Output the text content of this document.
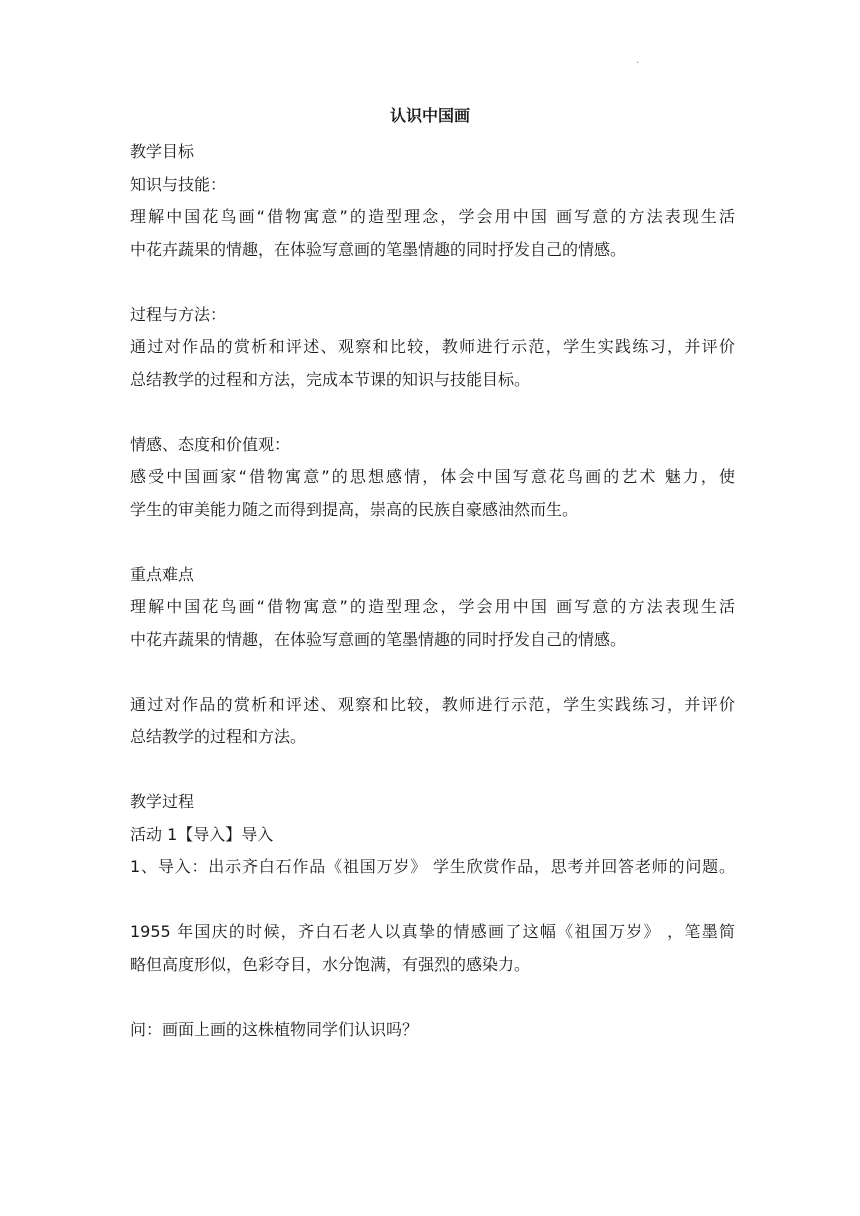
.
认识中国画
教学目标
知识与技能：
理解中国花鸟画“借物寓意”的造型理念，学会用中国 画写意的方法表现生活
中花卉蔬果的情趣，在体验写意画的笔墨情趣的同时抒发自己的情感。
过程与方法：
通过对作品的赏析和评述、观察和比较，教师进行示范，学生实践练习，并评价
总结教学的过程和方法，完成本节课的知识与技能目标。
情感、态度和价值观：
感受中国画家“借物寓意”的思想感情，体会中国写意花鸟画的艺术 魅力，使
学生的审美能力随之而得到提高，崇高的民族自豪感油然而生。
重点难点
理解中国花鸟画“借物寓意”的造型理念，学会用中国 画写意的方法表现生活
中花卉蔬果的情趣，在体验写意画的笔墨情趣的同时抒发自己的情感。
通过对作品的赏析和评述、观察和比较，教师进行示范，学生实践练习，并评价
总结教学的过程和方法。
教学过程
活动 1【导入】导入
1、导入：出示齐白石作品《祖国万岁》 学生欣赏作品，思考并回答老师的问题。
1955 年国庆的时候，齐白石老人以真挚的情感画了这幅《祖国万岁》 ，笔墨简
略但高度形似，色彩夺目，水分饱满，有强烈的感染力。
问：画面上画的这株植物同学们认识吗？
